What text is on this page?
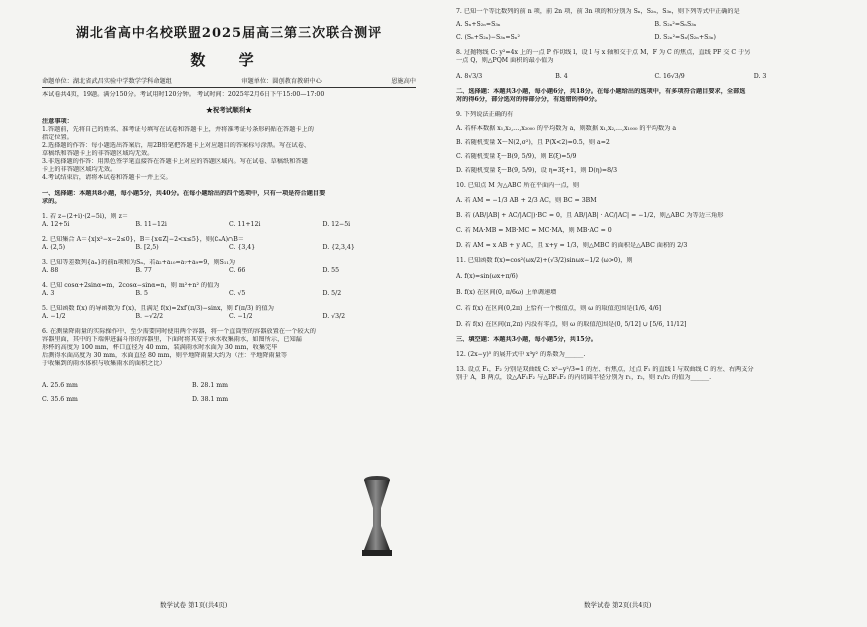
湖北省高中名校联盟2025届高三第三次联合测评
数 学
命题单位：湖北省武昌实验中学数学学科命题组	审题单位：圆创教育教研中心	恩施高中
本试卷共4页，19题。满分150分。考试用时120分钟。 考试时间：2025年2月6日下午15:00—17:00
★祝考试顺利★
注意事项：
1.答题前，先将自己的姓名、准考证号填写在试卷和答题卡上，并将准考证号条形码贴在答题卡上的
指定位置。
2.选择题的作答：每小题选出答案后，用2B铅笔把答题卡上对应题目的答案标号涂黑。写在试卷、
草稿纸和答题卡上的非答题区域均无效。
3.非选择题的作答：用黑色签字笔直接答在答题卡上对应的答题区域内。写在试卷、草稿纸和答题
卡上的非答题区域均无效。
4.考试结束后，请将本试卷和答题卡一并上交。
一、选择题：本题共8小题，每小题5分，共40分。在每小题给出的四个选项中，只有一项是符合题目要
求的。
1. 若 z−(2+i)·(2−5i)，则 z＝
A. 12+5i	B. 11−12i	C. 11+12i	D. 12−5i
2. 已知集合 A＝{x|x²−x−2≤0}，B＝{x∈Z|−2<x≤5}，则(∁ₙA)∩B＝
A. (2,5)	B. [2,5)	C. {3,4}	D. {2,3,4}
3. 已知等差数列{aₙ}的前n项和为Sₙ，若a₂+a₁₀=a₇+a₉=9，则S₁₁为
A. 88	B. 77	C. 66	D. 55
4. 已知 cosα+2sinα=m，2cosα−sinα=n，则 m²+n² 的值为
A. 3	B. 5	C. √5	D. 5/2
5. 已知函数 f(x) 的导函数为 f′(x)，且满足 f(x)=2xf′(π/3)−sinx，则 f′(π/3) 的值为
A. −1/2	B. −√2/2	C. −1/2	D. √3/2
6. 在测量降雨量的实际操作中，至少需要同时使用两个容器，将一个直筒型的容器放置在一个较大的
容器里面，其中的下端伸进漏斗形的容器里，下面时将其安于承水收集雨水，如图所示，已知漏
形杯的高度为 100 mm，杯口直径为 40 mm，装满雨水时水面为 30 mm，收集完毕
后测得水面高度为 30 mm，水面直径 80 mm，则平地降雨量大约为（注：平地降雨量等
于收集到的雨水体积与收集雨水的面积之比）
A. 25.6 mm	B. 28.1 mm
C. 35.6 mm	D. 38.1 mm
数学试卷 第1页(共4页)
7. 已知一个等比数列的前 n 项，前 2n 项，前 3n 项的和分别为 Sₙ，S₂ₙ，S₃ₙ，则下列等式中正确的是
A. Sₙ+S₂ₙ=S₃ₙ	B. S₂ₙ²=SₙS₃ₙ
C. (Sₙ+S₂ₙ)−S₃ₙ=Sₙ²	D. S₂ₙ²=Sₙ(S₂ₙ+S₃ₙ)
8. 过抛物线 C: y²=4x 上的一点 P 作切线 l，设 l 与 x 轴和交于点 M，F 为 C 的焦点，直线 PF 交 C 于另
一点 Q，则△PQM 面积的最小值为
A. 8√3/3	B. 4	C. 16√3/9	D. 3
二、选择题：本题共3小题，每小题6分，共18分。在每小题给出的选项中，有多项符合题目要求，全部选
对的得6分，部分选对的得部分分，有选错的得0分。
9. 下列说法正确的有
A. 若样本数据 x₁,x₂,…,x₂₀₀₀ 的平均数为 a，则数据 x₁,x₂,…,x₁₀₀₀ 的平均数为 a
B. 若随机变量 X～N(2,σ²)，且 P(X<2)=0.5，则 a=2
C. 若随机变量 ξ～B(9, 5/9)，则 E(ξ)=5/9
D. 若随机变量 ξ～B(9, 5/9)，设 η=3ξ+1，则 D(η)=8/3
10. 已知点 M 为△ABC 所在平面内一点，则
A. 若 AM = −1/3 AB + 2/3 AC，则 BC = 3BM
B. 若 (AB/|AB| + AC/|AC|)·BC = 0，且 AB/|AB| · AC/|AC| = −1/2，则△ABC 为等边三角形
C. 若 MA·MB = MB·MC = MC·MA，则 MB·AC = 0
D. 若 AM = x AB + y AC，且 x+y = 1/3，则△MBC 的面积是△ABC 面积的 2/3
11. 已知函数 f(x)=cos²(ωx/2)+(√3/2)sinωx−1/2 (ω>0)，则
A. f(x)=sin(ωx+π/6)
B. f(x) 在区间(0, π/6ω) 上单调递增
C. 若 f(x) 在区间(0,2π) 上恰有一个极值点，则 ω 的取值范围是(1/6, 4/6]
D. 若 f(x) 在区间(π,2π) 内没有零点，则 ω 的取值范围是(0, 5/12] ∪ [5/6, 11/12]
三、填空题：本题共3小题，每小题5分，共15分。
12. (2x−y)⁵ 的展开式中 x³y² 的系数为______.
13. 设点 F₁，F₂ 分别是双曲线 C: x²−y²/3=1 的左、右焦点，过点 F₁ 的直线 l 与双曲线 C 的左、右两支分
别于 A，B 两点，设△AF₁F₂ 与△BF₁F₂ 的内切圆半径分别为 r₁，r₂，则 r₁/r₂ 的值为______.
数学试卷 第2页(共4页)
